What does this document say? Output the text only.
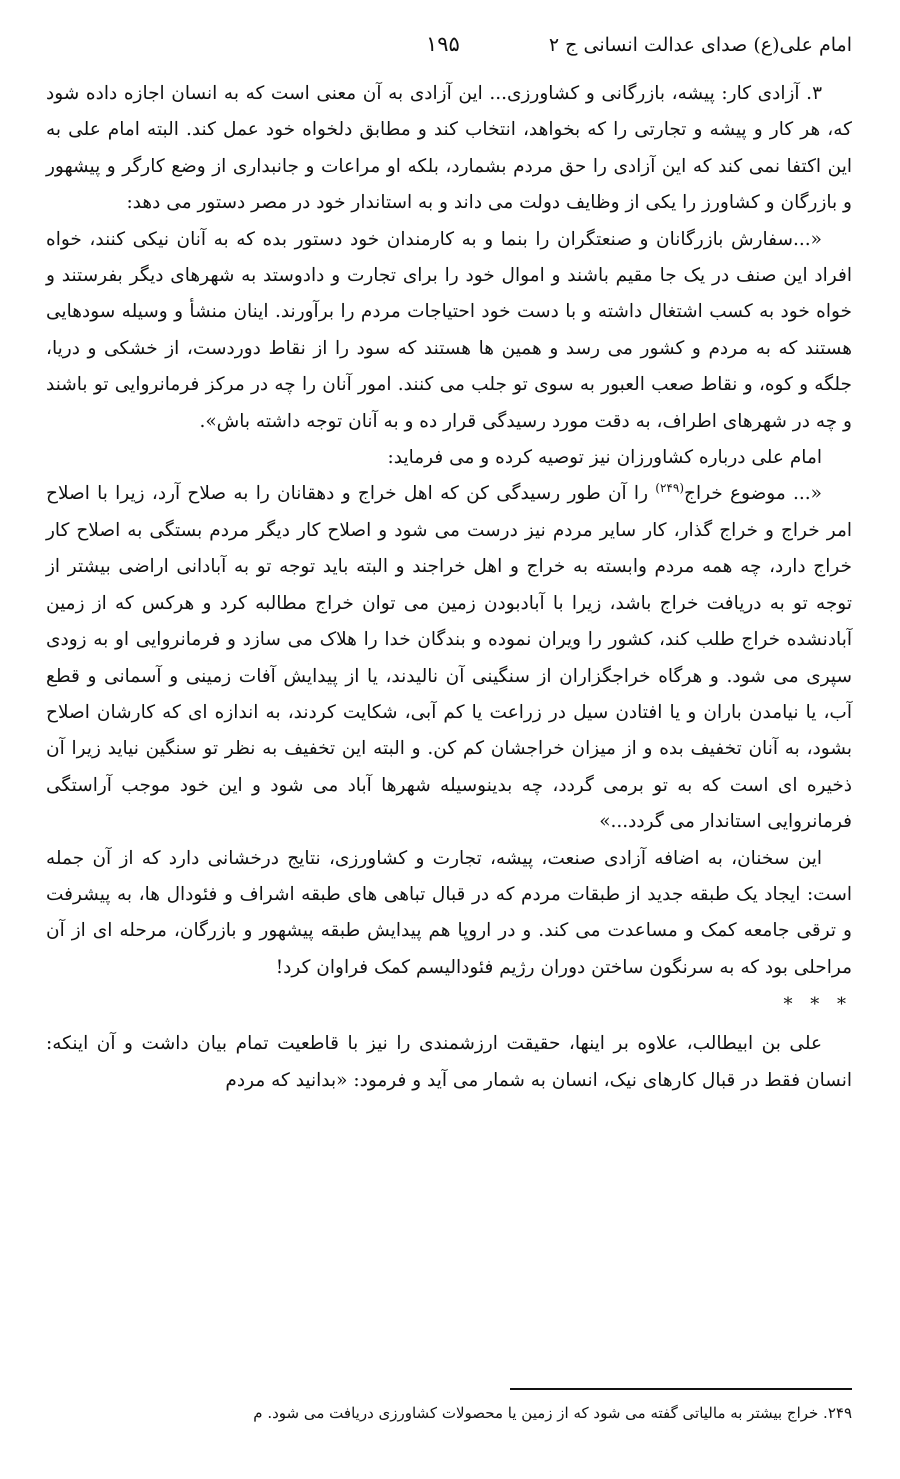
امام علی(ع) صدای عدالت انسانی ج ۲
۱۹۵

۳. آزادی کار: پیشه، بازرگانی و کشاورزی... این آزادی به آن معنی است که به انسان اجازه داده شود که، هر کار و پیشه و تجارتی را که بخواهد، انتخاب کند و مطابق دلخواه خود عمل کند. البته امام علی به این اکتفا نمی کند که این آزادی را حق مردم بشمارد، بلکه او مراعات و جانبداری از وضع کارگر و پیشهور و بازرگان و کشاورز را یکی از وظایف دولت می داند و به استاندار خود در مصر دستور می دهد:

«...سفارش بازرگانان و صنعتگران را بنما و به کارمندان خود دستور بده که به آنان نیکی کنند، خواه افراد این صنف در یک جا مقیم باشند و اموال خود را برای تجارت و دادوستد به شهرهای دیگر بفرستند و خواه خود به کسب اشتغال داشته و با دست خود احتیاجات مردم را برآورند. اینان منشأ و وسیله سودهایی هستند که به مردم و کشور می رسد و همین ها هستند که سود را از نقاط دوردست، از خشکی و دریا، جلگه و کوه، و نقاط صعب العبور به سوی تو جلب می کنند. امور آنان را چه در مرکز فرمانروایی تو باشند و چه در شهرهای اطراف، به دقت مورد رسیدگی قرار ده و به آنان توجه داشته باش».

امام علی درباره کشاورزان نیز توصیه کرده و می فرماید:

«... موضوع خراج$^{(۲۴۹)}$ را آن طور رسیدگی کن که اهل خراج و دهقانان را به صلاح آرد، زیرا با اصلاح امر خراج و خراج گذار، کار سایر مردم نیز درست می شود و اصلاح کار دیگر مردم بستگی به اصلاح کار خراج دارد، چه همه مردم وابسته به خراج و اهل خراجند و البته باید توجه تو به آبادانی اراضی بیشتر از توجه تو به دریافت خراج باشد، زیرا با آبادبودن زمین می توان خراج مطالبه کرد و هرکس که از زمین آبادنشده خراج طلب کند، کشور را ویران نموده و بندگان خدا را هلاک می سازد و فرمانروایی او به زودی سپری می شود. و هرگاه خراجگزاران از سنگینی آن نالیدند، یا از پیدایش آفات زمینی و آسمانی و قطع آب، یا نیامدن باران و یا افتادن سیل در زراعت یا کم آبی، شکایت کردند، به اندازه ای که کارشان اصلاح بشود، به آنان تخفیف بده و از میزان خراجشان کم کن. و البته این تخفیف به نظر تو سنگین نیاید زیرا آن ذخیره ای است که به تو برمی گردد، چه بدینوسیله شهرها آباد می شود و این خود موجب آراستگی فرمانروایی استاندار می گردد...»

این سخنان، به اضافه آزادی صنعت، پیشه، تجارت و کشاورزی، نتایج درخشانی دارد که از آن جمله است: ایجاد یک طبقه جدید از طبقات مردم که در قبال تباهی های طبقه اشراف و فئودال ها، به پیشرفت و ترقی جامعه کمک و مساعدت می کند. و در اروپا هم پیدایش طبقه پیشهور و بازرگان، مرحله ای از آن مراحلی بود که به سرنگون ساختن دوران رژیم فئودالیسم کمک فراوان کرد!

* * *

علی بن ابیطالب، علاوه بر اینها، حقیقت ارزشمندی را نیز با قاطعیت تمام بیان داشت و آن اینکه: انسان فقط در قبال کارهای نیک، انسان به شمار می آید و فرمود: «بدانید که مردم

۲۴۹. خراج بیشتر به مالیاتی گفته می شود که از زمین یا محصولات کشاورزی دریافت می شود. م
